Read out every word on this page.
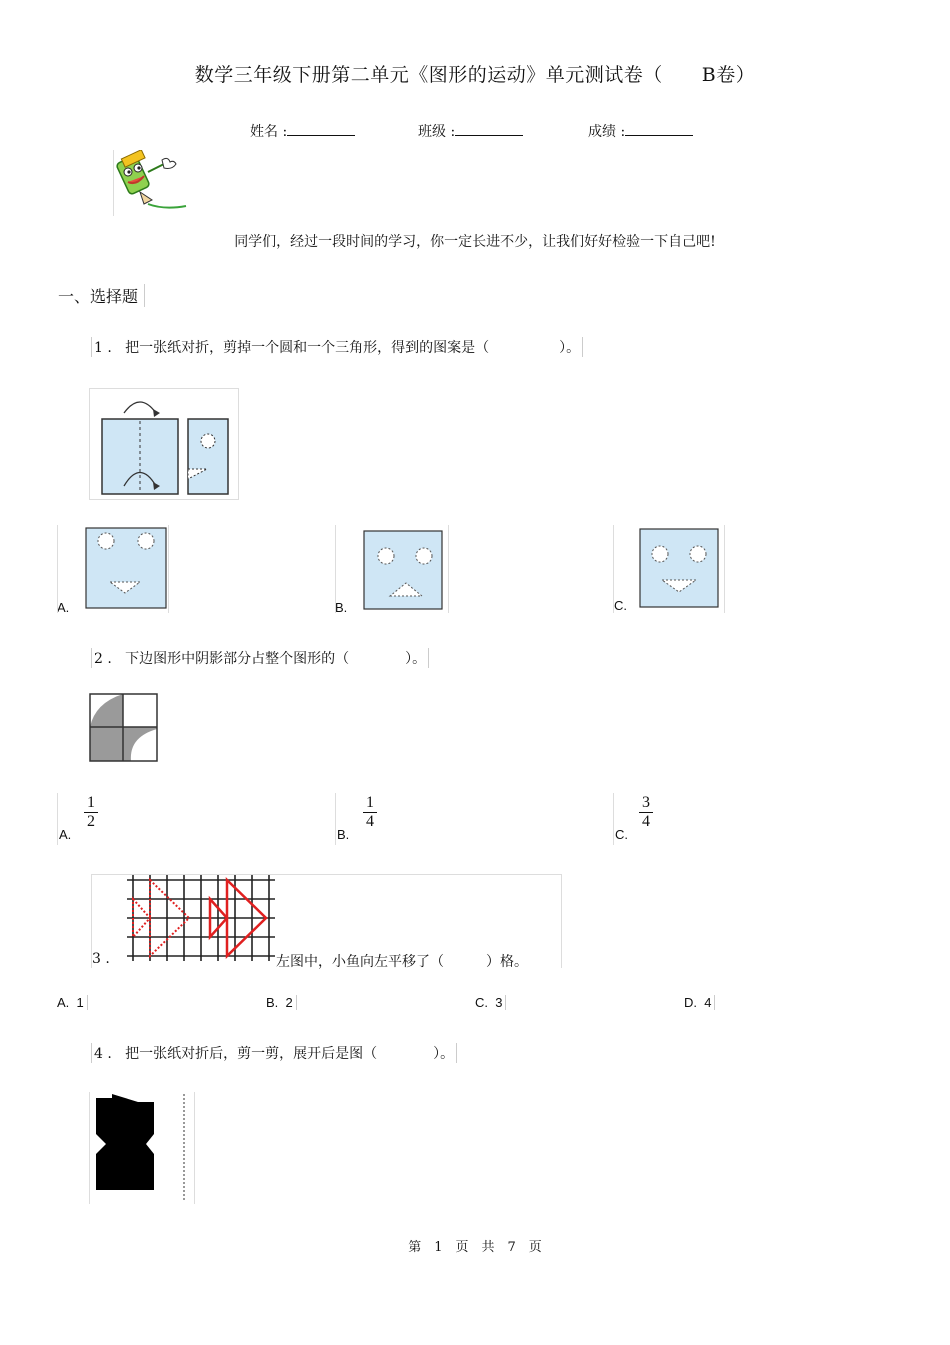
数学三年级下册第二单元《图形的运动》单元测试卷（　　B卷）
姓名 :	班级 :	成绩 :
同学们，经过一段时间的学习，你一定长进不少，让我们好好检验一下自己吧!
一、选择题
1 . 把一张纸对折，剪掉一个圆和一个三角形，得到的图案是（　　　　　）。
A.	B.	C.
2 . 下边图形中阴影部分占整个图形的（　　　　）。
A.
1
2
B.
1
4
C.
3
4
3 .	左图中，小鱼向左平移了（　　　）格。
A. 1	B. 2	C. 3	D. 4
4 . 把一张纸对折后，剪一剪，展开后是图（　　　　）。
第　1　页　共　7　页
